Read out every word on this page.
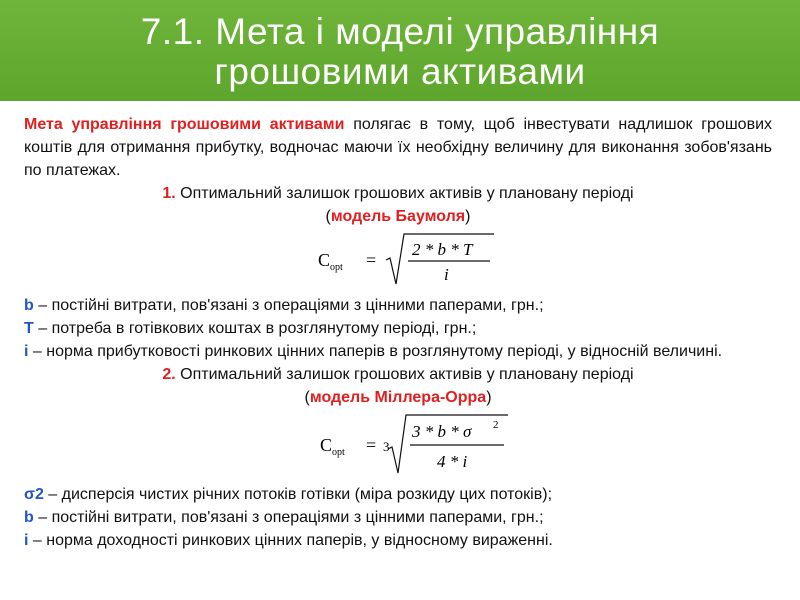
7.1. Мета і моделі управління
грошовими активами

Мета управління грошовими активами полягає в тому, щоб інвестувати надлишок грошових коштів для отримання прибутку, водночас маючи їх необхідну величину для виконання зобов'язань по платежах.

1. Оптимальний залишок грошових активів у плановану періоді
(модель Баумоля)
C opt =
2 * b * T
i
b – постійні витрати, пов'язані з операціями з цінними паперами, грн.;
T – потреба в готівкових коштах в розглянутому періоді, грн.;
i – норма прибутковості ринкових цінних паперів в розглянутому періоді, у відносній величині.
2. Оптимальний залишок грошових активів у плановану періоді
(модель Міллера-Орра)
C opt = 3
3 * b * σ 2
4 * i
σ2 – дисперсія чистих річних потоків готівки (міра розкиду цих потоків);
b – постійні витрати, пов'язані з операціями з цінними паперами, грн.;
i – норма доходності ринкових цінних паперів, у відносному вираженні.
